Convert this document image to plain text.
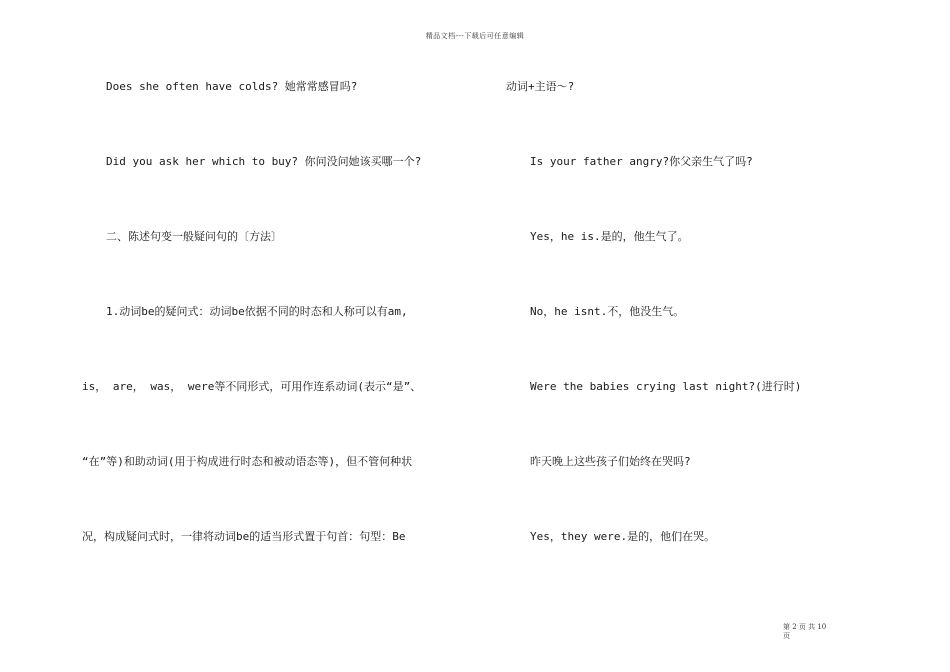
精品文档---下载后可任意编辑
Does she often have colds? 她常常感冒吗?
Did you ask her which to buy? 你问没问她该买哪一个?
二、陈述句变一般疑问句的〔方法〕
1.动词be的疑问式：动词be依据不同的时态和人称可以有am,
is， are， was， were等不同形式，可用作连系动词(表示“是”、
“在”等)和助动词(用于构成进行时态和被动语态等)，但不管何种状
况，构成疑问式时，一律将动词be的适当形式置于句首：句型：Be
动词+主语～?
Is your father angry?你父亲生气了吗?
Yes，he is.是的，他生气了。
No，he isnt.不，他没生气。
Were the babies crying last night?(进行时)
昨天晚上这些孩子们始终在哭吗?
Yes，they were.是的，他们在哭。
第 2 页 共 10
页
